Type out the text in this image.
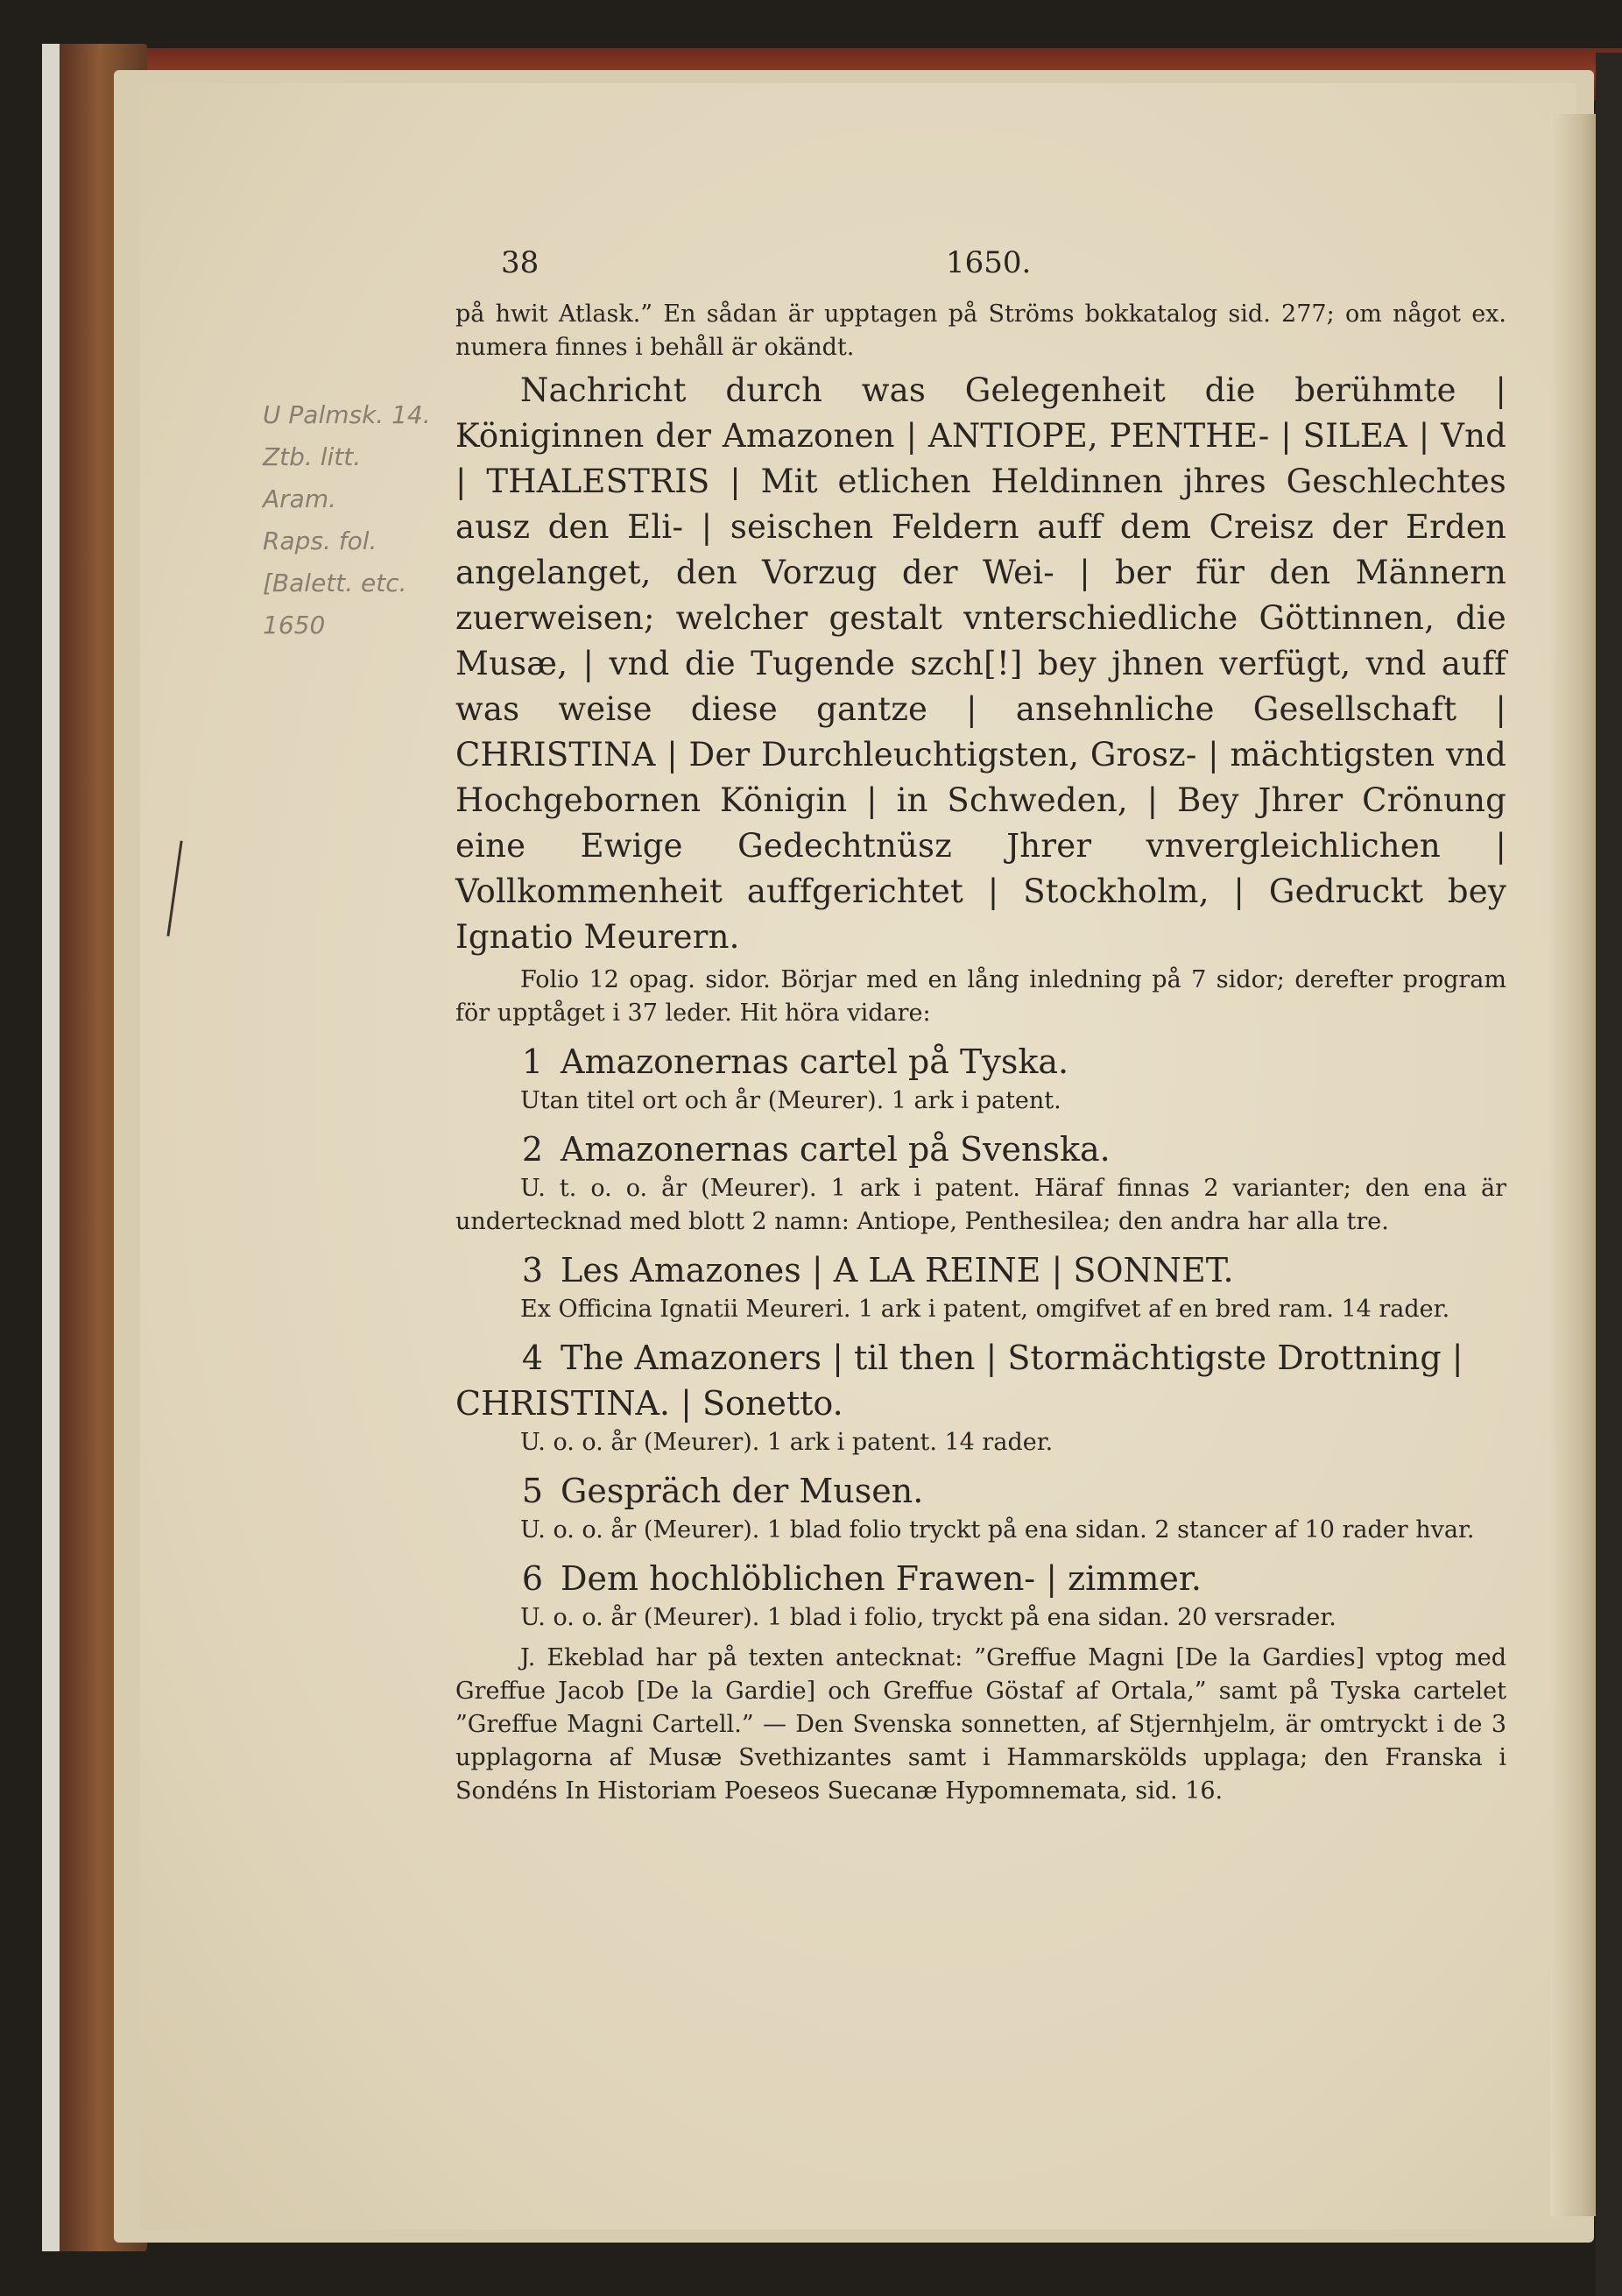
U Palmsk. 14.
Ztb. litt.
Aram.
Raps. fol.
[Balett. etc.
1650
38	1650.

på hwit Atlask.” En sådan är upptagen på Ströms bokkatalog sid. 277; om något ex. numera finnes i behåll är okändt.

Nachricht durch was Gelegenheit die berühmte | Königinnen der Amazonen | ANTIOPE, PENTHE- | SILEA | Vnd | THALESTRIS | Mit etlichen Heldinnen jhres Geschlechtes ausz den Eli- | seischen Feldern auff dem Creisz der Erden angelanget, den Vorzug der Wei- | ber für den Männern zuerweisen; welcher gestalt vnterschiedliche Göttinnen, die Musæ, | vnd die Tugende szch[!] bey jhnen verfügt, vnd auff was weise diese gantze | ansehnliche Gesellschaft | CHRISTINA | Der Durchleuchtigsten, Grosz- | mächtigsten vnd Hochgebornen Königin | in Schweden, | Bey Jhrer Crönung eine Ewige Gedechtnüsz Jhrer vnvergleichlichen | Vollkommenheit auffgerichtet | Stockholm, | Gedruckt bey Ignatio Meurern.

Folio 12 opag. sidor. Börjar med en lång inledning på 7 sidor; derefter program för upptåget i 37 leder. Hit höra vidare:

1 Amazonernas cartel på Tyska.

Utan titel ort och år (Meurer). 1 ark i patent.

2 Amazonernas cartel på Svenska.

U. t. o. o. år (Meurer). 1 ark i patent. Häraf finnas 2 varianter; den ena är undertecknad med blott 2 namn: Antiope, Penthesilea; den andra har alla tre.

3 Les Amazones | A LA REINE | SONNET.

Ex Officina Ignatii Meureri. 1 ark i patent, omgifvet af en bred ram. 14 rader.

4 The Amazoners | til then | Stormächtigste Drottning | CHRISTINA. | Sonetto.

U. o. o. år (Meurer). 1 ark i patent. 14 rader.

5 Gespräch der Musen.

U. o. o. år (Meurer). 1 blad folio tryckt på ena sidan. 2 stancer af 10 rader hvar.

6 Dem hochlöblichen Frawen- | zimmer.

U. o. o. år (Meurer). 1 blad i folio, tryckt på ena sidan. 20 versrader.

J. Ekeblad har på texten antecknat: ”Greffue Magni [De la Gardies] vptog med Greffue Jacob [De la Gardie] och Greffue Göstaf af Ortala,” samt på Tyska cartelet ”Greffue Magni Cartell.” — Den Svenska sonnetten, af Stjernhjelm, är omtryckt i de 3 upplagorna af Musæ Svethizantes samt i Hammarskölds upplaga; den Franska i Sondéns In Historiam Poeseos Suecanæ Hypomnemata, sid. 16.
